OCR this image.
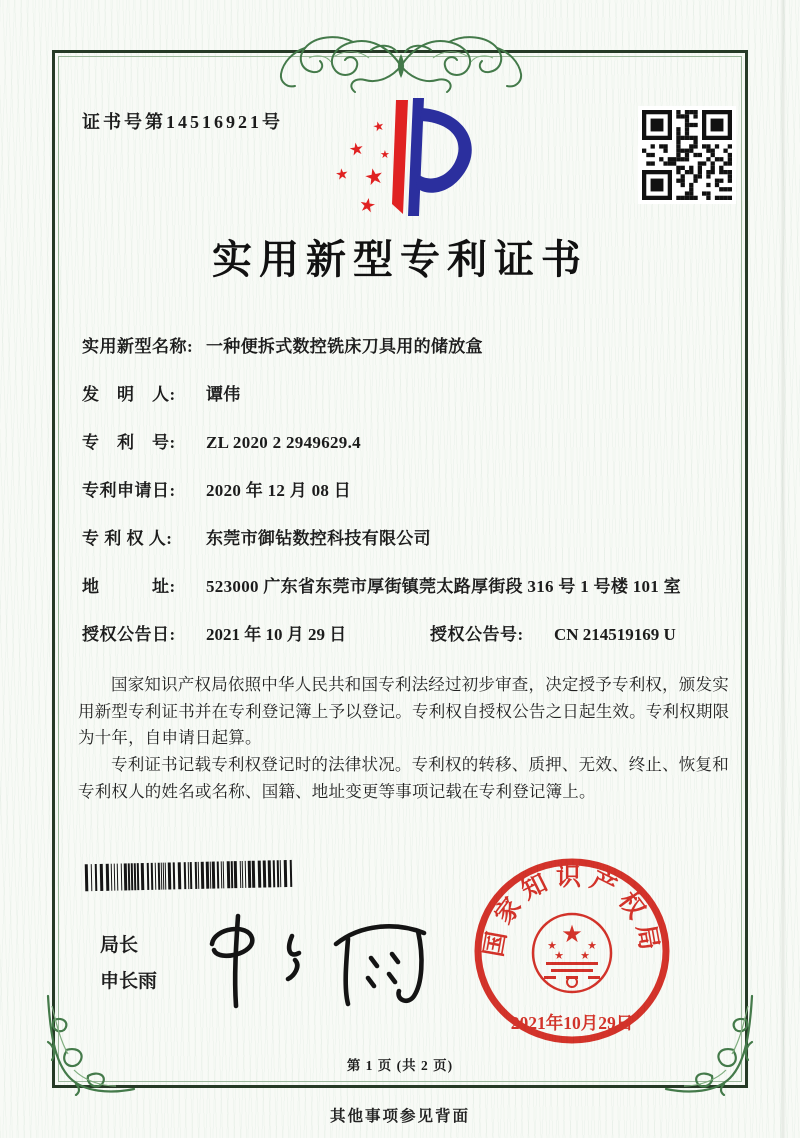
证书号第14516921号	★
★ ★
★ ★
★
实用新型专利证书
实用新型名称: 一种便拆式数控铣床刀具用的储放盒
发　明　人:	谭伟
专　利　号:	ZL 2020 2 2949629.4
专利申请日:	2020 年 12 月 08 日
专 利 权 人:	东莞市御钻数控科技有限公司
地　　　址:	523000 广东省东莞市厚街镇莞太路厚街段 316 号 1 号楼 101 室
授权公告日:	2021 年 10 月 29 日	授权公告号:	CN 214519169 U

国家知识产权局依照中华人民共和国专利法经过初步审查，决定授予专利权，颁发实用新型专利证书并在专利登记簿上予以登记。专利权自授权公告之日起生效。专利权期限为十年，自申请日起算。

专利证书记载专利权登记时的法律状况。专利权的转移、质押、无效、终止、恢复和专利权人的姓名或名称、国籍、地址变更等事项记载在专利登记簿上。

局长
申长雨
国家知识产权局
★
★	★
★ ★
2021年10月29日
第 1 页 (共 2 页)
其他事项参见背面
